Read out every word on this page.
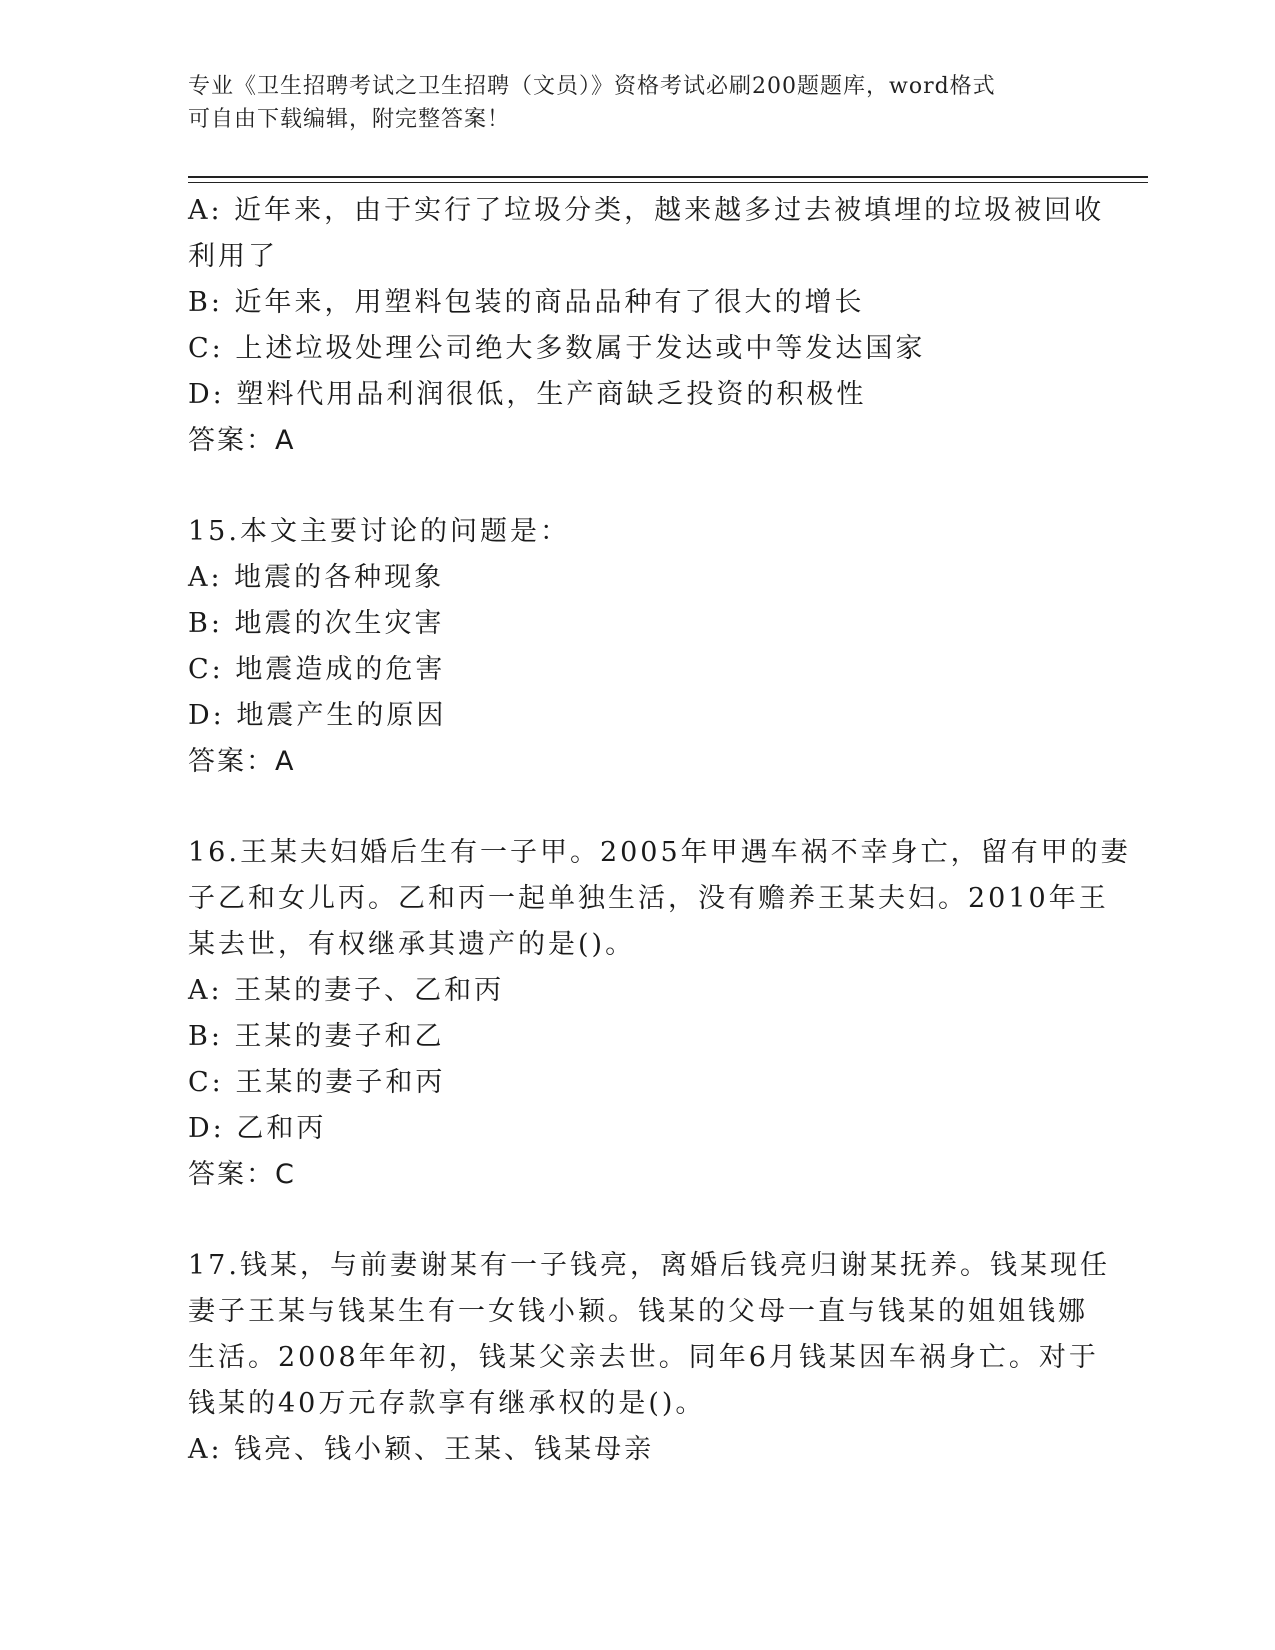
专业《卫生招聘考试之卫生招聘（文员）》资格考试必刷200题题库，word格式
可自由下载编辑，附完整答案！
A: 近年来，由于实行了垃圾分类，越来越多过去被填埋的垃圾被回收
利用了
B: 近年来，用塑料包装的商品品种有了很大的增长
C: 上述垃圾处理公司绝大多数属于发达或中等发达国家
D: 塑料代用品利润很低，生产商缺乏投资的积极性
答案：A
15.本文主要讨论的问题是：
A: 地震的各种现象
B: 地震的次生灾害
C: 地震造成的危害
D: 地震产生的原因
答案：A
16.王某夫妇婚后生有一子甲。2005年甲遇车祸不幸身亡，留有甲的妻
子乙和女儿丙。乙和丙一起单独生活，没有赡养王某夫妇。2010年王
某去世，有权继承其遗产的是()。
A: 王某的妻子、乙和丙
B: 王某的妻子和乙
C: 王某的妻子和丙
D: 乙和丙
答案：C
17.钱某，与前妻谢某有一子钱亮，离婚后钱亮归谢某抚养。钱某现任
妻子王某与钱某生有一女钱小颖。钱某的父母一直与钱某的姐姐钱娜
生活。2008年年初，钱某父亲去世。同年6月钱某因车祸身亡。对于
钱某的40万元存款享有继承权的是()。
A: 钱亮、钱小颖、王某、钱某母亲
